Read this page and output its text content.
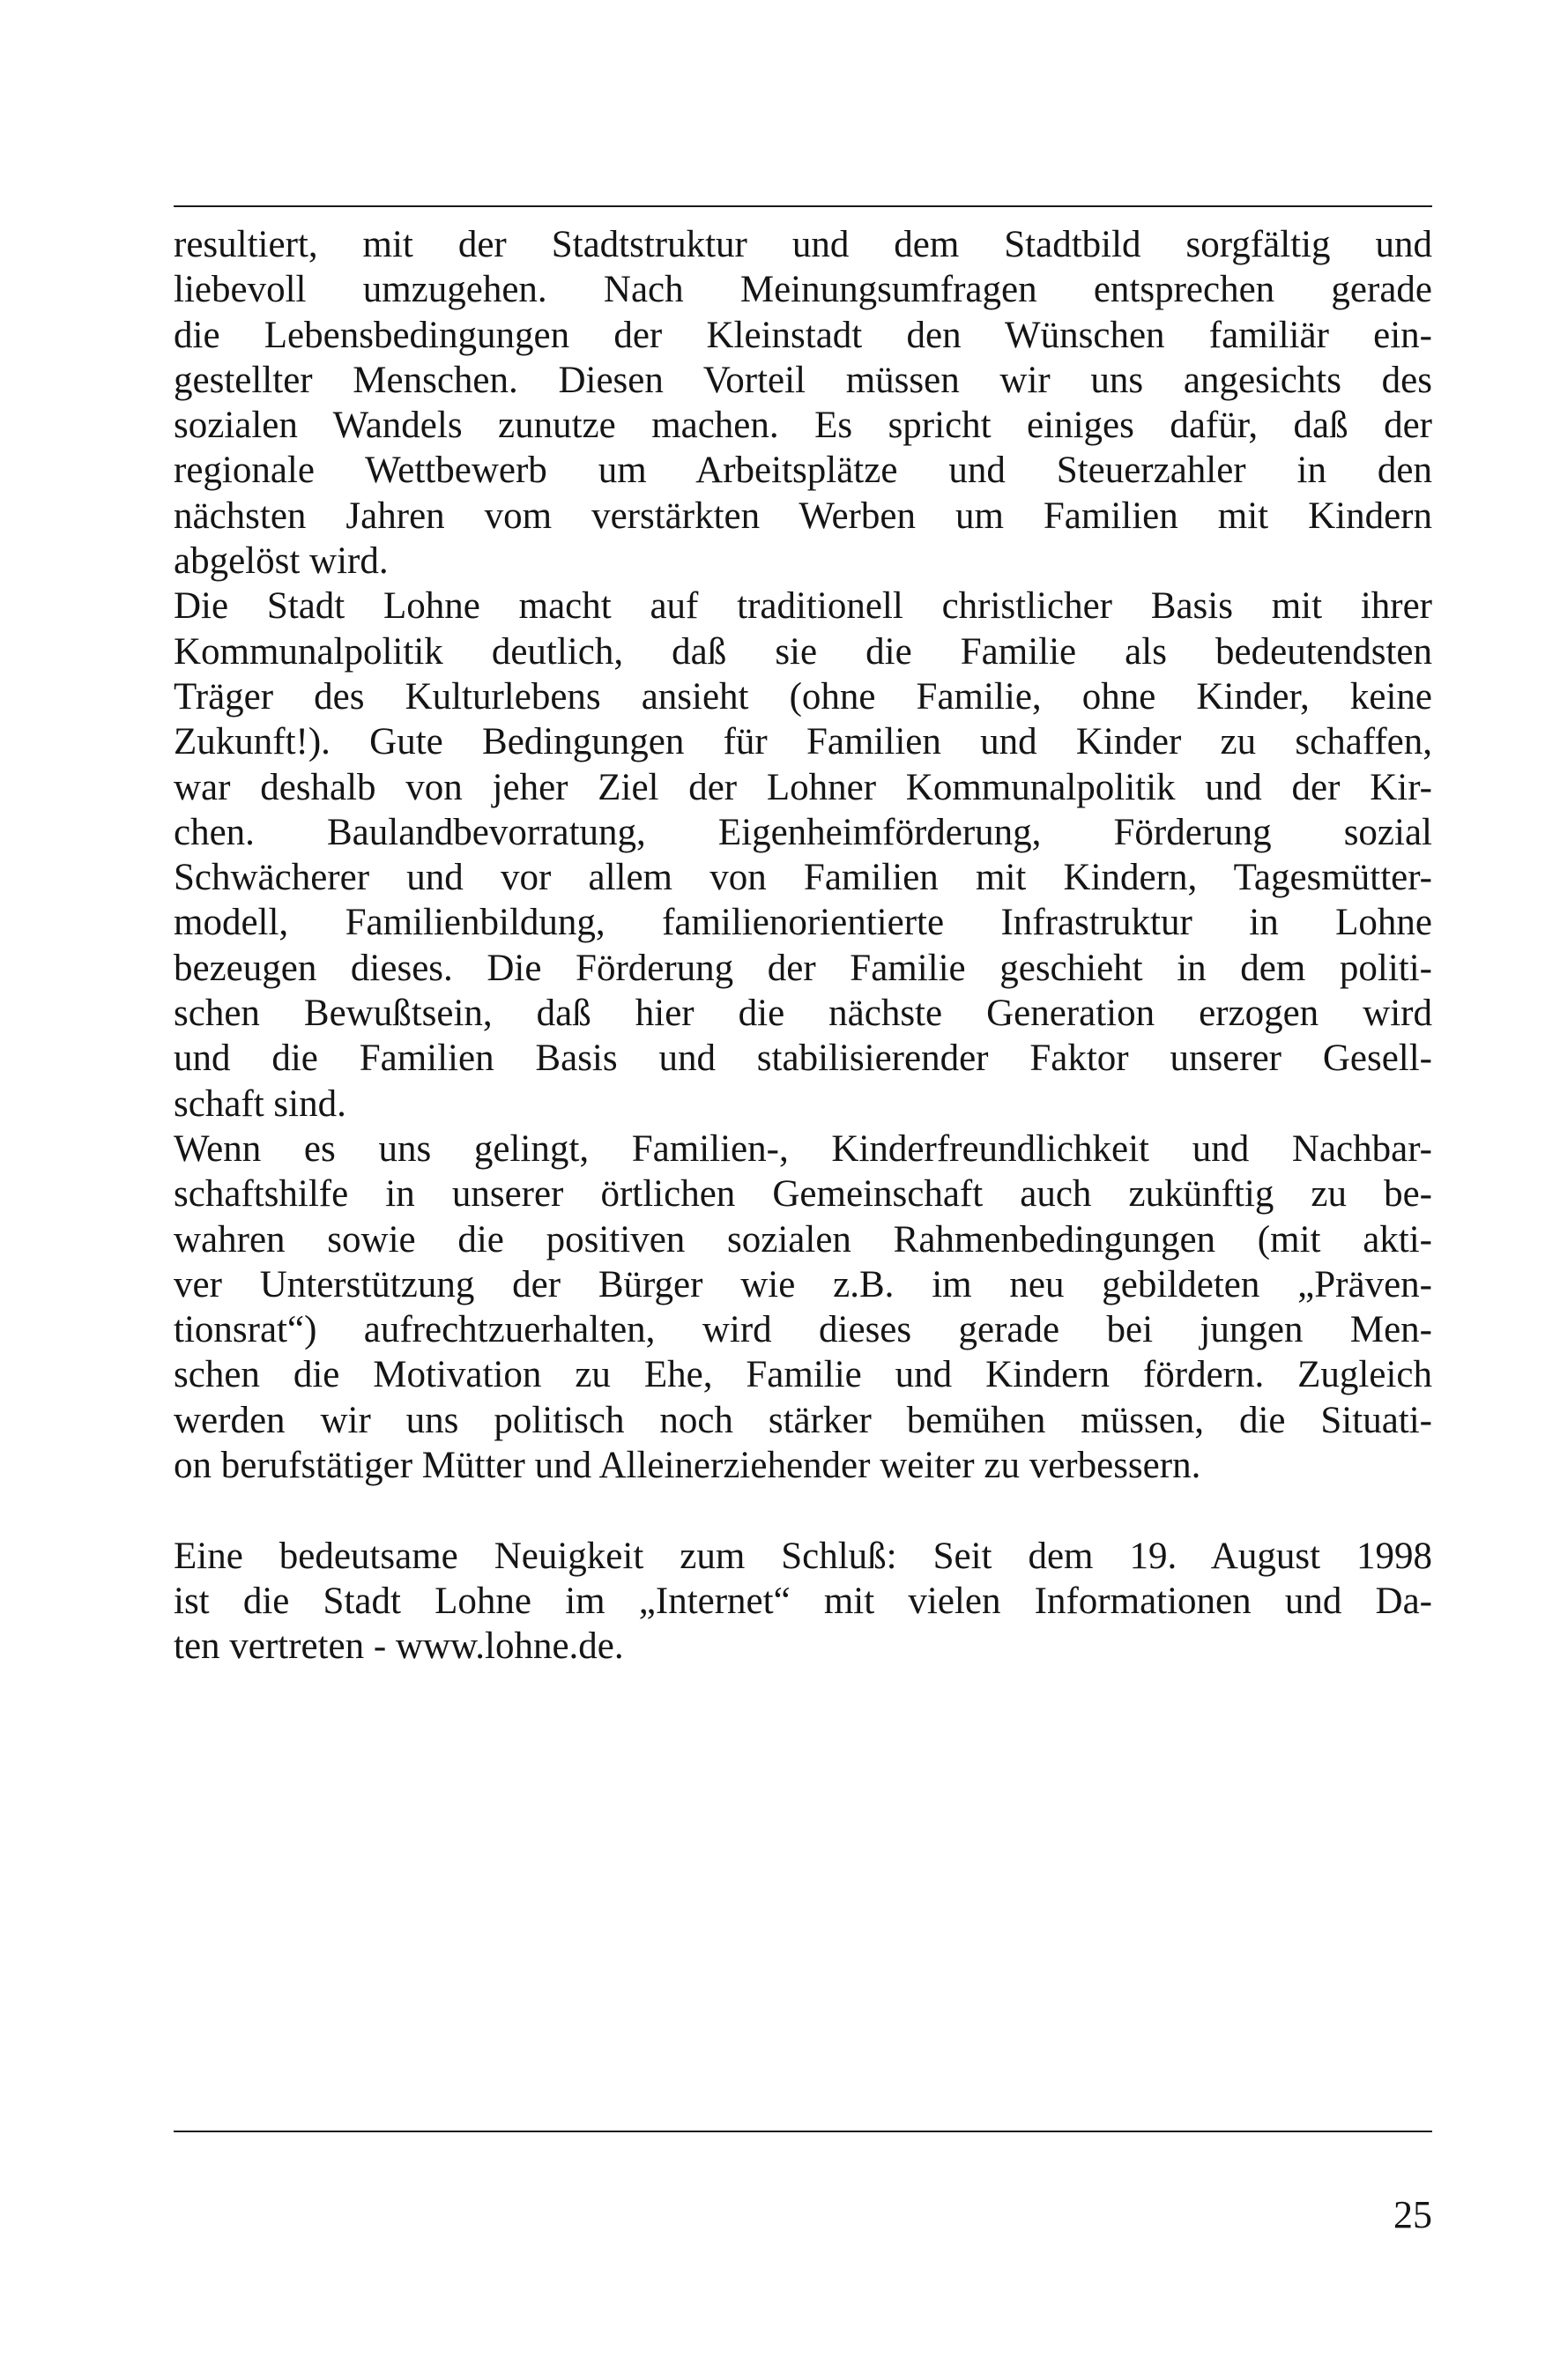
resultiert, mit der Stadtstruktur und dem Stadtbild sorgfältig und
liebevoll umzugehen. Nach Meinungsumfragen entsprechen gerade
die Lebensbedingungen der Kleinstadt den Wünschen familiär ein-
gestellter Menschen. Diesen Vorteil müssen wir uns angesichts des
sozialen Wandels zunutze machen. Es spricht einiges dafür, daß der
regionale Wettbewerb um Arbeitsplätze und Steuerzahler in den
nächsten Jahren vom verstärkten Werben um Familien mit Kindern
abgelöst wird.
Die Stadt Lohne macht auf traditionell christlicher Basis mit ihrer
Kommunalpolitik deutlich, daß sie die Familie als bedeutendsten
Träger des Kulturlebens ansieht (ohne Familie, ohne Kinder, keine
Zukunft!). Gute Bedingungen für Familien und Kinder zu schaffen,
war deshalb von jeher Ziel der Lohner Kommunalpolitik und der Kir-
chen. Baulandbevorratung, Eigenheimförderung, Förderung sozial
Schwächerer und vor allem von Familien mit Kindern, Tagesmütter-
modell, Familienbildung, familienorientierte Infrastruktur in Lohne
bezeugen dieses. Die Förderung der Familie geschieht in dem politi-
schen Bewußtsein, daß hier die nächste Generation erzogen wird
und die Familien Basis und stabilisierender Faktor unserer Gesell-
schaft sind.
Wenn es uns gelingt, Familien-, Kinderfreundlichkeit und Nachbar-
schaftshilfe in unserer örtlichen Gemeinschaft auch zukünftig zu be-
wahren sowie die positiven sozialen Rahmenbedingungen (mit akti-
ver Unterstützung der Bürger wie z.B. im neu gebildeten „Präven-
tionsrat“) aufrechtzuerhalten, wird dieses gerade bei jungen Men-
schen die Motivation zu Ehe, Familie und Kindern fördern. Zugleich
werden wir uns politisch noch stärker bemühen müssen, die Situati-
on berufstätiger Mütter und Alleinerziehender weiter zu verbessern.
Eine bedeutsame Neuigkeit zum Schluß: Seit dem 19. August 1998
ist die Stadt Lohne im „Internet“ mit vielen Informationen und Da-
ten vertreten - www.lohne.de.
25
